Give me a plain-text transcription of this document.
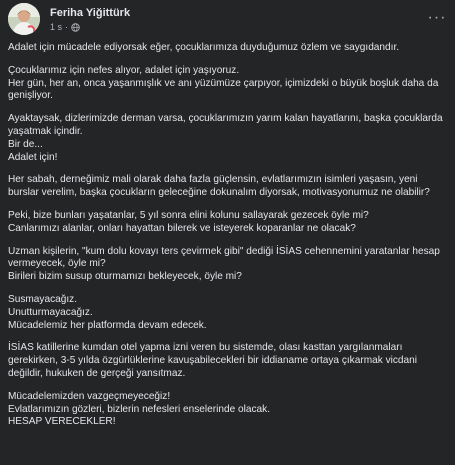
Feriha Yiğittürk
1 s ·
···

Adalet için mücadele ediyorsak eğer, çocuklarımıza duyduğumuz özlem ve saygıdandır.

Çocuklarımız için nefes alıyor, adalet için yaşıyoruz.
Her gün, her an, onca yaşanmışlık ve anı yüzümüze çarpıyor, içimizdeki o büyük boşluk daha da genişliyor.

Ayaktaysak, dizlerimizde derman varsa, çocuklarımızın yarım kalan hayatlarını, başka çocuklarda yaşatmak içindir.
Bir de...
Adalet için!

Her sabah, derneğimiz mali olarak daha fazla güçlensin, evlatlarımızın isimleri yaşasın, yeni burslar verelim, başka çocukların geleceğine dokunalım diyorsak, motivasyonumuz ne olabilir?

Peki, bize bunları yaşatanlar, 5 yıl sonra elini kolunu sallayarak gezecek öyle mi?
Canlarımızı alanlar, onları hayattan bilerek ve isteyerek koparanlar ne olacak?

Uzman kişilerin, "kum dolu kovayı ters çevirmek gibi" dediği İSİAS cehennemini yaratanlar hesap vermeyecek, öyle mi?
Birileri bizim susup oturmamızı bekleyecek, öyle mi?

Susmayacağız.
Unutturmayacağız.
Mücadelemiz her platformda devam edecek.

İSİAS katillerine kumdan otel yapma izni veren bu sistemde, olası kasttan yargılanmaları gerekirken, 3-5 yılda özgürlüklerine kavuşabilecekleri bir iddianame ortaya çıkarmak vicdani değildir, hukuken de gerçeği yansıtmaz.

Mücadelemizden vazgeçmeyeceğiz!
Evlatlarımızın gözleri, bizlerin nefesleri enselerinde olacak.
HESAP VERECEKLER!
